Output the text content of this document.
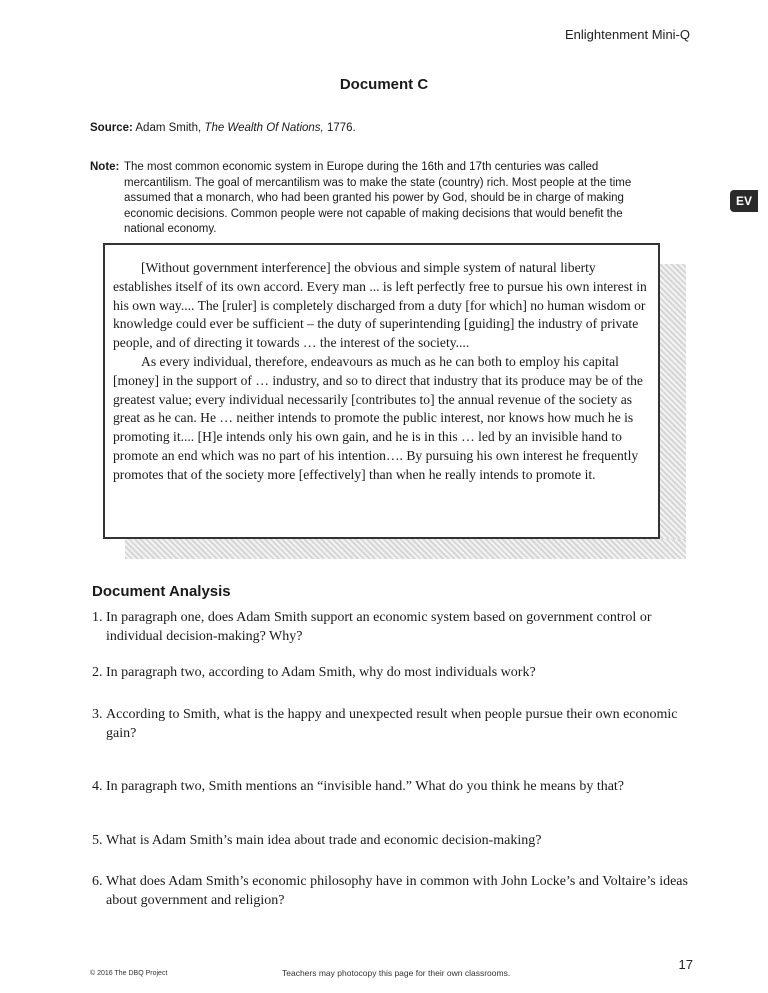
Enlightenment Mini-Q
Document C
Source: Adam Smith, The Wealth Of Nations, 1776.
Note: The most common economic system in Europe during the 16th and 17th centuries was called mercantilism. The goal of mercantilism was to make the state (country) rich. Most people at the time assumed that a monarch, who had been granted his power by God, should be in charge of making economic decisions. Common people were not capable of making decisions that would benefit the national economy.
EV

[Without government interference] the obvious and simple system of natural liberty establishes itself of its own accord. Every man ... is left perfectly free to pursue his own interest in his own way.... The [ruler] is completely discharged from a duty [for which] no human wisdom or knowledge could ever be sufficient – the duty of superintending [guiding] the industry of private people, and of directing it towards … the interest of the society....

As every individual, therefore, endeavours as much as he can both to employ his capital [money] in the support of … industry, and so to direct that industry that its produce may be of the greatest value; every individual necessarily [contributes to] the annual revenue of the society as great as he can. He … neither intends to promote the public interest, nor knows how much he is promoting it.... [H]e intends only his own gain, and he is in this … led by an invisible hand to promote an end which was no part of his intention…. By pursuing his own interest he frequently promotes that of the society more [effectively] than when he really intends to promote it.

Document Analysis
1. In paragraph one, does Adam Smith support an economic system based on government control or individual decision-making? Why?
2. In paragraph two, according to Adam Smith, why do most individuals work?
3. According to Smith, what is the happy and unexpected result when people pursue their own economic gain?
4. In paragraph two, Smith mentions an “invisible hand.” What do you think he means by that?
5. What is Adam Smith’s main idea about trade and economic decision-making?
6. What does Adam Smith’s economic philosophy have in common with John Locke’s and Voltaire’s ideas about government and religion?
© 2016 The DBQ Project	Teachers may photocopy this page for their own classrooms.
17
